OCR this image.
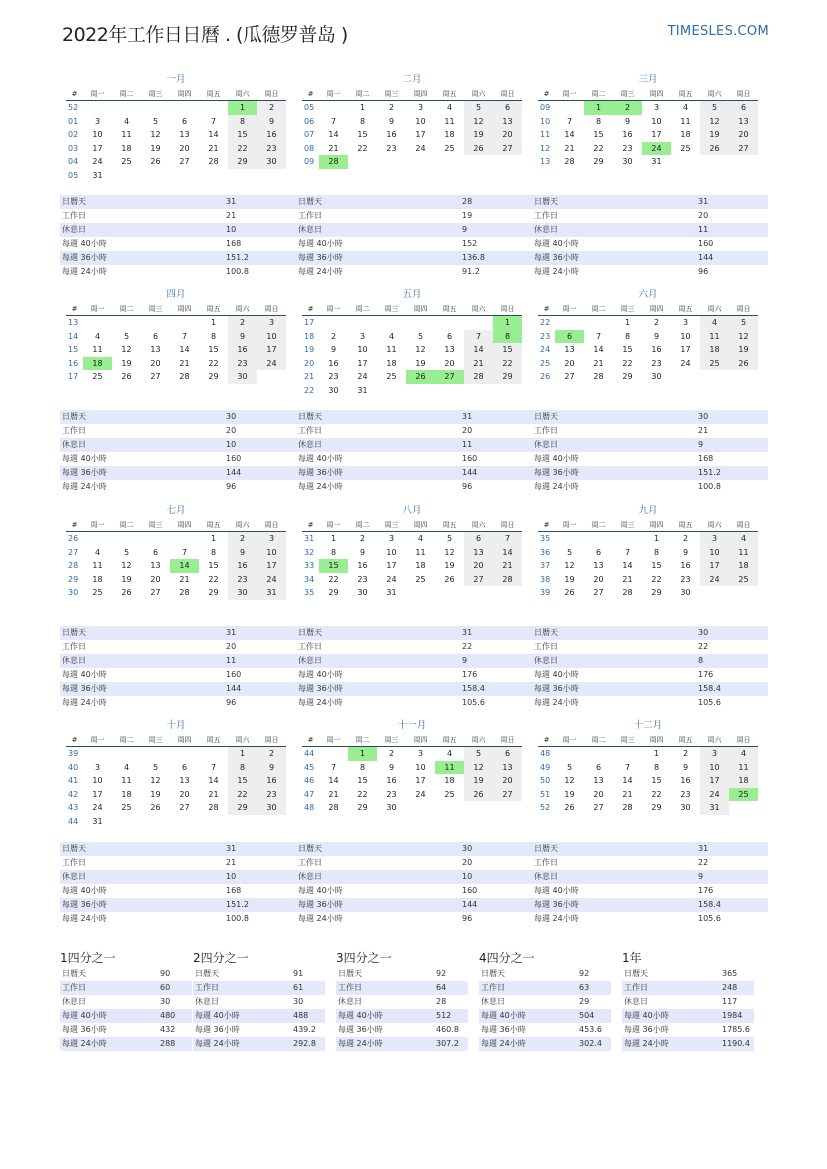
2022年工作日日曆 . (瓜德罗普岛 )	TIMESLES.COM
一月
#	周一	周二	周三	周四	周五	周六	周日
52						1	2
01	3	4	5	6	7	8	9
02	10	11	12	13	14	15	16
03	17	18	19	20	21	22	23
04	24	25	26	27	28	29	30
05	31						
日曆天	31
工作日	21
休息日	10
每週 40小時	168
每週 36小時	151.2
每週 24小時	100.8
二月
#	周一	周二	周三	周四	周五	周六	周日
05		1	2	3	4	5	6
06	7	8	9	10	11	12	13
07	14	15	16	17	18	19	20
08	21	22	23	24	25	26	27
09	28						
日曆天	28
工作日	19
休息日	9
每週 40小時	152
每週 36小時	136.8
每週 24小時	91.2
三月
#	周一	周二	周三	周四	周五	周六	周日
09		1	2	3	4	5	6
10	7	8	9	10	11	12	13
11	14	15	16	17	18	19	20
12	21	22	23	24	25	26	27
13	28	29	30	31			
日曆天	31
工作日	20
休息日	11
每週 40小時	160
每週 36小時	144
每週 24小時	96
四月
#	周一	周二	周三	周四	周五	周六	周日
13					1	2	3
14	4	5	6	7	8	9	10
15	11	12	13	14	15	16	17
16	18	19	20	21	22	23	24
17	25	26	27	28	29	30	
日曆天	30
工作日	20
休息日	10
每週 40小時	160
每週 36小時	144
每週 24小時	96
五月
#	周一	周二	周三	周四	周五	周六	周日
17							1
18	2	3	4	5	6	7	8
19	9	10	11	12	13	14	15
20	16	17	18	19	20	21	22
21	23	24	25	26	27	28	29
22	30	31					
日曆天	31
工作日	20
休息日	11
每週 40小時	160
每週 36小時	144
每週 24小時	96
六月
#	周一	周二	周三	周四	周五	周六	周日
22			1	2	3	4	5
23	6	7	8	9	10	11	12
24	13	14	15	16	17	18	19
25	20	21	22	23	24	25	26
26	27	28	29	30			
日曆天	30
工作日	21
休息日	9
每週 40小時	168
每週 36小時	151.2
每週 24小時	100.8
七月
#	周一	周二	周三	周四	周五	周六	周日
26					1	2	3
27	4	5	6	7	8	9	10
28	11	12	13	14	15	16	17
29	18	19	20	21	22	23	24
30	25	26	27	28	29	30	31
日曆天	31
工作日	20
休息日	11
每週 40小時	160
每週 36小時	144
每週 24小時	96
八月
#	周一	周二	周三	周四	周五	周六	周日
31	1	2	3	4	5	6	7
32	8	9	10	11	12	13	14
33	15	16	17	18	19	20	21
34	22	23	24	25	26	27	28
35	29	30	31				
日曆天	31
工作日	22
休息日	9
每週 40小時	176
每週 36小時	158.4
每週 24小時	105.6
九月
#	周一	周二	周三	周四	周五	周六	周日
35				1	2	3	4
36	5	6	7	8	9	10	11
37	12	13	14	15	16	17	18
38	19	20	21	22	23	24	25
39	26	27	28	29	30		
日曆天	30
工作日	22
休息日	8
每週 40小時	176
每週 36小時	158.4
每週 24小時	105.6
十月
#	周一	周二	周三	周四	周五	周六	周日
39						1	2
40	3	4	5	6	7	8	9
41	10	11	12	13	14	15	16
42	17	18	19	20	21	22	23
43	24	25	26	27	28	29	30
44	31						
日曆天	31
工作日	21
休息日	10
每週 40小時	168
每週 36小時	151.2
每週 24小時	100.8
十一月
#	周一	周二	周三	周四	周五	周六	周日
44		1	2	3	4	5	6
45	7	8	9	10	11	12	13
46	14	15	16	17	18	19	20
47	21	22	23	24	25	26	27
48	28	29	30				
日曆天	30
工作日	20
休息日	10
每週 40小時	160
每週 36小時	144
每週 24小時	96
十二月
#	周一	周二	周三	周四	周五	周六	周日
48				1	2	3	4
49	5	6	7	8	9	10	11
50	12	13	14	15	16	17	18
51	19	20	21	22	23	24	25
52	26	27	28	29	30	31	
日曆天	31
工作日	22
休息日	9
每週 40小時	176
每週 36小時	158.4
每週 24小時	105.6
1四分之一
日曆天	90
工作日	60
休息日	30
每週 40小時	480
每週 36小時	432
每週 24小時	288
2四分之一
日曆天	91
工作日	61
休息日	30
每週 40小時	488
每週 36小時	439.2
每週 24小時	292.8
3四分之一
日曆天	92
工作日	64
休息日	28
每週 40小時	512
每週 36小時	460.8
每週 24小時	307.2
4四分之一
日曆天	92
工作日	63
休息日	29
每週 40小時	504
每週 36小時	453.6
每週 24小時	302.4
1年
日曆天	365
工作日	248
休息日	117
每週 40小時	1984
每週 36小時	1785.6
每週 24小時	1190.4
